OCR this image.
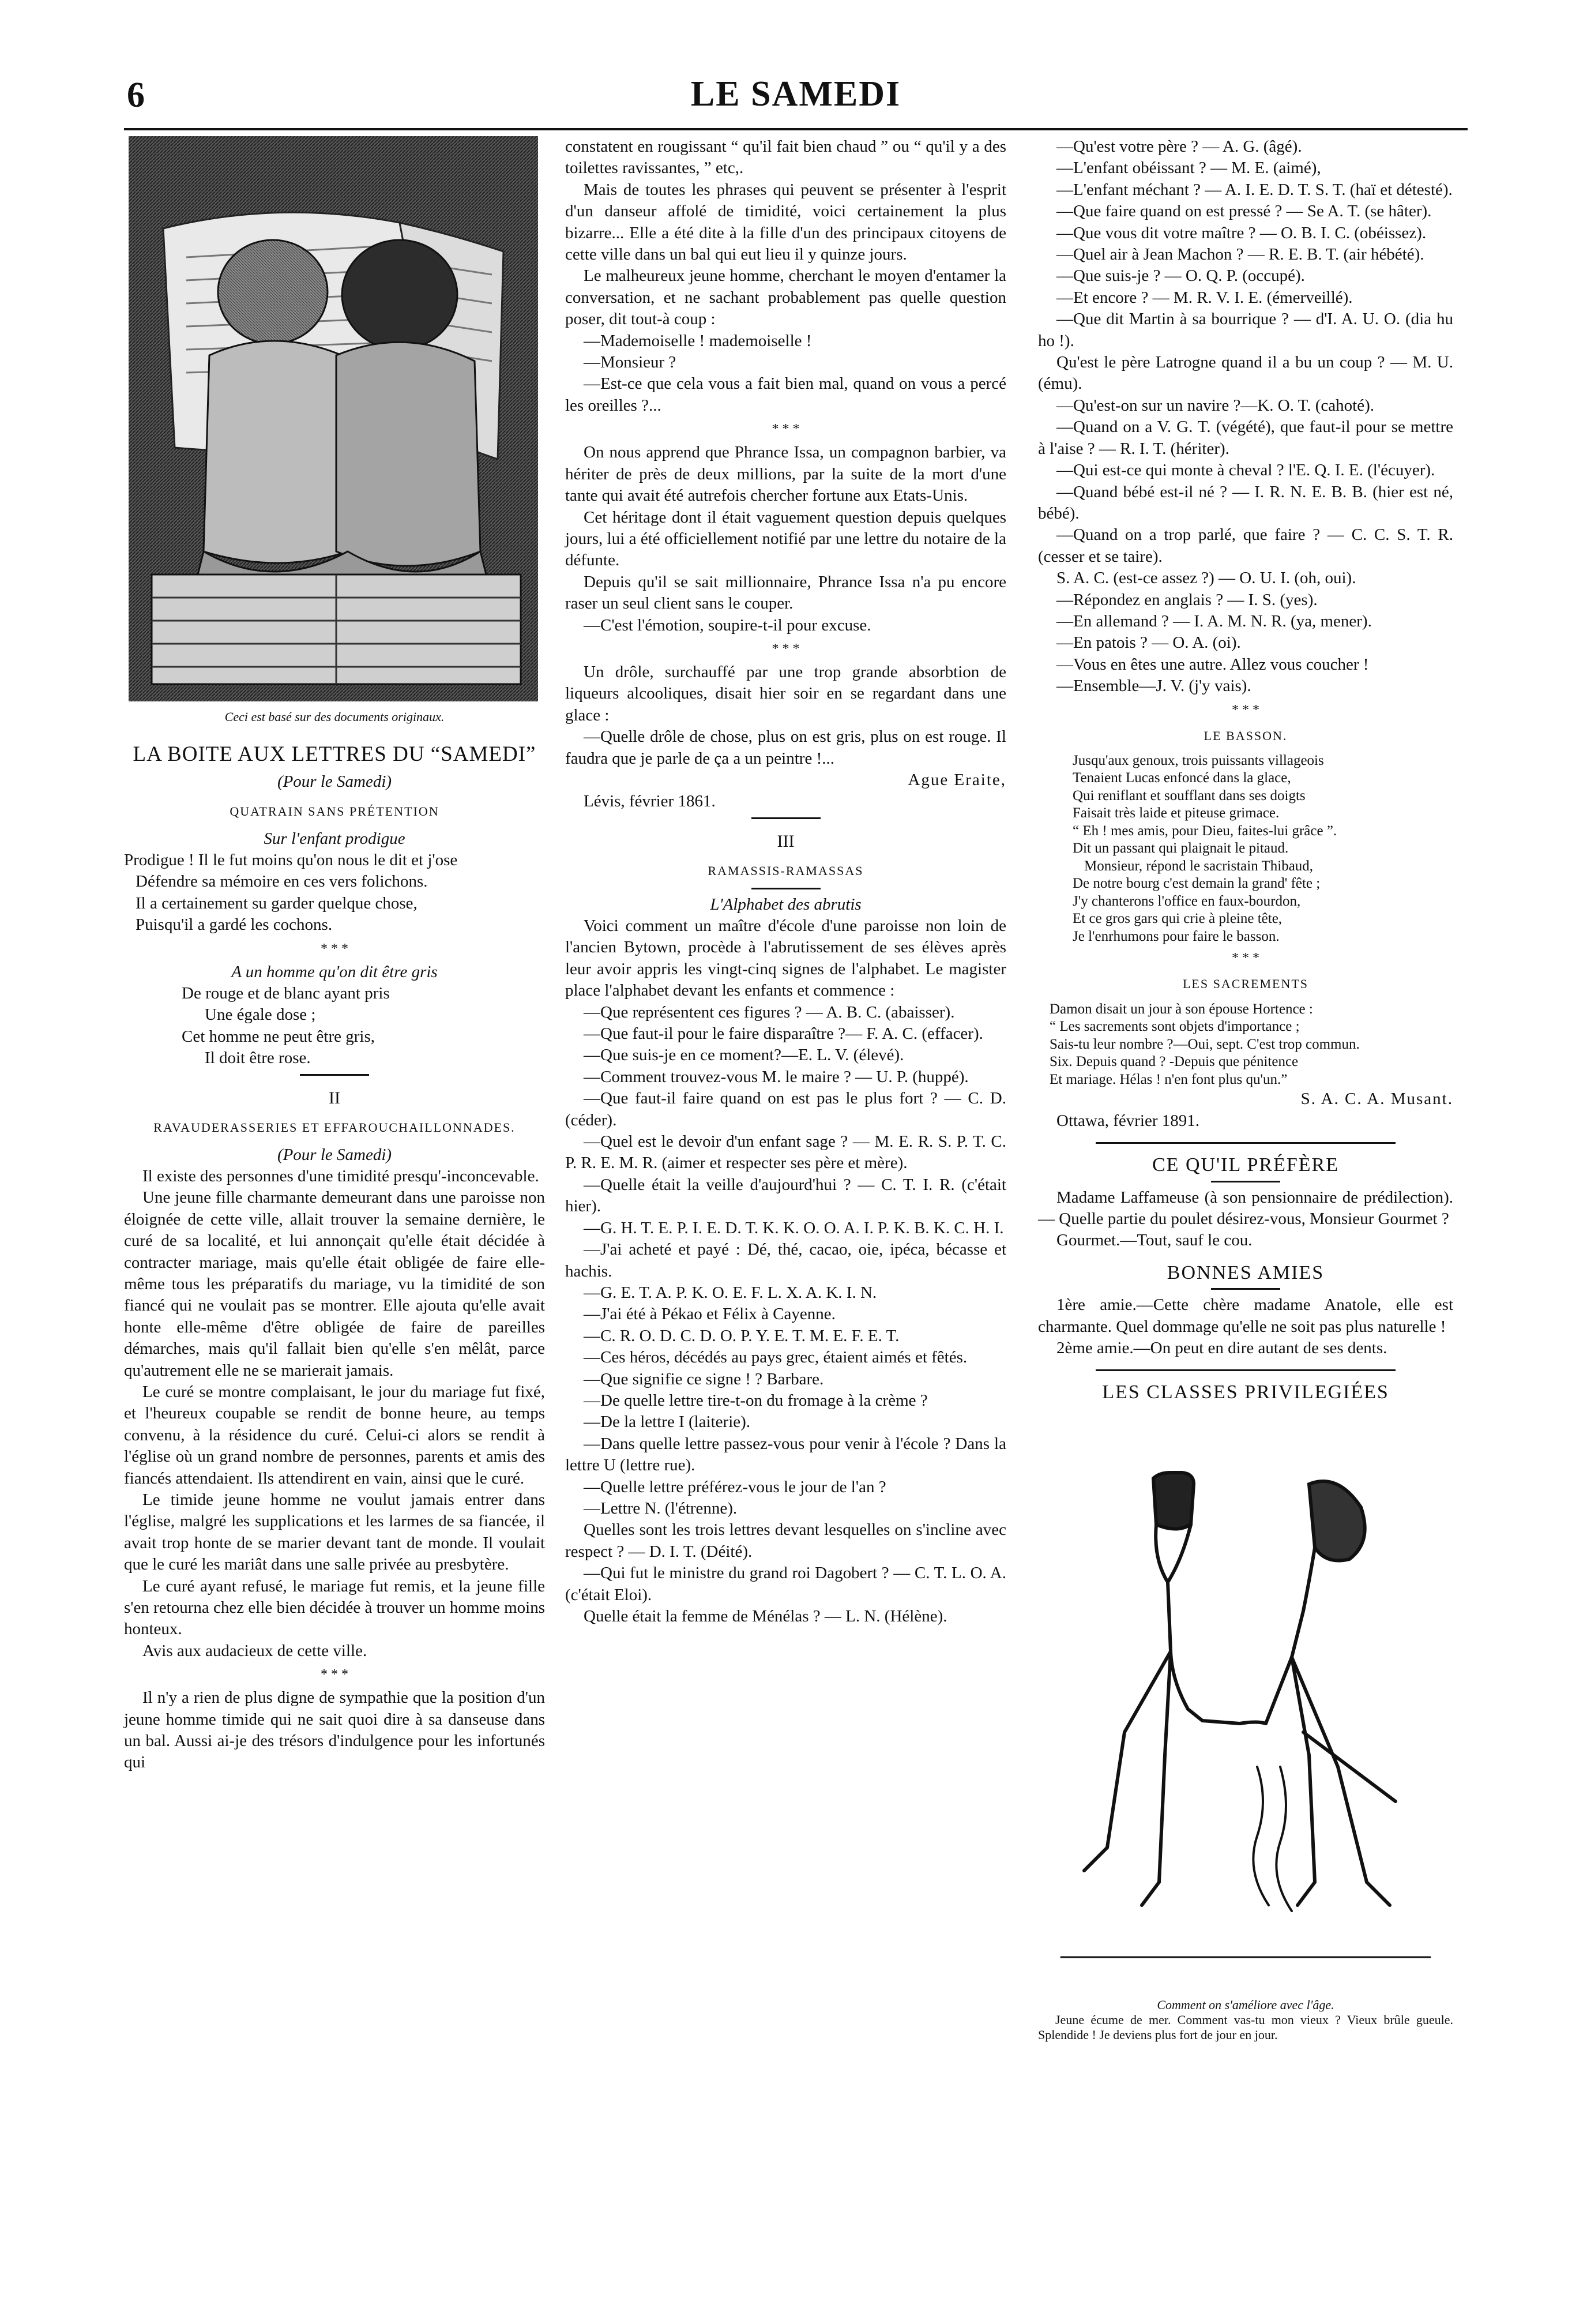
6	LE SAMEDI
Ceci est basé sur des documents originaux.
LA BOITE AUX LETTRES DU “SAMEDI”

(Pour le Samedi)

QUATRAIN SANS PRÉTENTION

Sur l'enfant prodigue

Prodigue ! Il le fut moins qu'on nous le dit et j'ose

Défendre sa mémoire en ces vers folichons.

Il a certainement su garder quelque chose,

Puisqu'il a gardé les cochons.

* * *

A un homme qu'on dit être gris

De rouge et de blanc ayant pris

Une égale dose ;

Cet homme ne peut être gris,

Il doit être rose.

II
RAVAUDERASSERIES ET EFFAROUCHAILLONNADES.

(Pour le Samedi)

Il existe des personnes d'une timidité presqu'-inconcevable.

Une jeune fille charmante demeurant dans une paroisse non éloignée de cette ville, allait trouver la semaine dernière, le curé de sa localité, et lui annonçait qu'elle était décidée à contracter mariage, mais qu'elle était obligée de faire elle-même tous les préparatifs du mariage, vu la timidité de son fiancé qui ne voulait pas se montrer. Elle ajouta qu'elle avait honte elle-même d'être obligée de faire de pareilles démarches, mais qu'il fallait bien qu'elle s'en mêlât, parce qu'autrement elle ne se marierait jamais.

Le curé se montre complaisant, le jour du mariage fut fixé, et l'heureux coupable se rendit de bonne heure, au temps convenu, à la résidence du curé. Celui-ci alors se rendit à l'église où un grand nombre de personnes, parents et amis des fiancés attendaient. Ils attendirent en vain, ainsi que le curé.

Le timide jeune homme ne voulut jamais entrer dans l'église, malgré les supplications et les larmes de sa fiancée, il avait trop honte de se marier devant tant de monde. Il voulait que le curé les mariât dans une salle privée au presbytère.

Le curé ayant refusé, le mariage fut remis, et la jeune fille s'en retourna chez elle bien décidée à trouver un homme moins honteux.

Avis aux audacieux de cette ville.

* * *

Il n'y a rien de plus digne de sympathie que la position d'un jeune homme timide qui ne sait quoi dire à sa danseuse dans un bal. Aussi ai-je des trésors d'indulgence pour les infortunés qui

constatent en rougissant “ qu'il fait bien chaud ” ou “ qu'il y a des toilettes ravissantes, ” etc,.

Mais de toutes les phrases qui peuvent se présenter à l'esprit d'un danseur affolé de timidité, voici certainement la plus bizarre... Elle a été dite à la fille d'un des principaux citoyens de cette ville dans un bal qui eut lieu il y quinze jours.

Le malheureux jeune homme, cherchant le moyen d'entamer la conversation, et ne sachant probablement pas quelle question poser, dit tout-à coup :

—Mademoiselle ! mademoiselle !

—Monsieur ?

—Est-ce que cela vous a fait bien mal, quand on vous a percé les oreilles ?...

* * *

On nous apprend que Phrance Issa, un compagnon barbier, va hériter de près de deux millions, par la suite de la mort d'une tante qui avait été autrefois chercher fortune aux Etats-Unis.

Cet héritage dont il était vaguement question depuis quelques jours, lui a été officiellement notifié par une lettre du notaire de la défunte.

Depuis qu'il se sait millionnaire, Phrance Issa n'a pu encore raser un seul client sans le couper.

—C'est l'émotion, soupire-t-il pour excuse.

* * *

Un drôle, surchauffé par une trop grande absorbtion de liqueurs alcooliques, disait hier soir en se regardant dans une glace :

—Quelle drôle de chose, plus on est gris, plus on est rouge. Il faudra que je parle de ça a un peintre !...

Ague Eraite,

Lévis, février 1861.

III
RAMASSIS-RAMASSAS

L'Alphabet des abrutis

Voici comment un maître d'école d'une paroisse non loin de l'ancien Bytown, procède à l'abrutissement de ses élèves après leur avoir appris les vingt-cinq signes de l'alphabet. Le magister place l'alphabet devant les enfants et commence :

—Que représentent ces figures ? — A. B. C. (abaisser).

—Que faut-il pour le faire disparaître ?— F. A. C. (effacer).

—Que suis-je en ce moment?—E. L. V. (élevé).

—Comment trouvez-vous M. le maire ? — U. P. (huppé).

—Que faut-il faire quand on est pas le plus fort ? — C. D. (céder).

—Quel est le devoir d'un enfant sage ? — M. E. R. S. P. T. C. P. R. E. M. R. (aimer et respecter ses père et mère).

—Quelle était la veille d'aujourd'hui ? — C. T. I. R. (c'était hier).

—G. H. T. E. P. I. E. D. T. K. K. O. O. A. I. P. K. B. K. C. H. I.

—J'ai acheté et payé : Dé, thé, cacao, oie, ipéca, bécasse et hachis.

—G. E. T. A. P. K. O. E. F. L. X. A. K. I. N.

—J'ai été à Pékao et Félix à Cayenne.

—C. R. O. D. C. D. O. P. Y. E. T. M. E. F. E. T.

—Ces héros, décédés au pays grec, étaient aimés et fêtés.

—Que signifie ce signe ! ? Barbare.

—De quelle lettre tire-t-on du fromage à la crème ?

—De la lettre I (laiterie).

—Dans quelle lettre passez-vous pour venir à l'école ? Dans la lettre U (lettre rue).

—Quelle lettre préférez-vous le jour de l'an ?

—Lettre N. (l'étrenne).

Quelles sont les trois lettres devant lesquelles on s'incline avec respect ? — D. I. T. (Déité).

—Qui fut le ministre du grand roi Dagobert ? — C. T. L. O. A. (c'était Eloi).

Quelle était la femme de Ménélas ? — L. N. (Hélène).

—Qu'est votre père ? — A. G. (âgé).

—L'enfant obéissant ? — M. E. (aimé),

—L'enfant méchant ? — A. I. E. D. T. S. T. (haï et détesté).

—Que faire quand on est pressé ? — Se A. T. (se hâter).

—Que vous dit votre maître ? — O. B. I. C. (obéissez).

—Quel air à Jean Machon ? — R. E. B. T. (air hébété).

—Que suis-je ? — O. Q. P. (occupé).

—Et encore ? — M. R. V. I. E. (émerveillé).

—Que dit Martin à sa bourrique ? — d'I. A. U. O. (dia hu ho !).

Qu'est le père Latrogne quand il a bu un coup ? — M. U. (ému).

—Qu'est-on sur un navire ?—K. O. T. (cahoté).

—Quand on a V. G. T. (végété), que faut-il pour se mettre à l'aise ? — R. I. T. (hériter).

—Qui est-ce qui monte à cheval ? l'E. Q. I. E. (l'écuyer).

—Quand bébé est-il né ? — I. R. N. E. B. B. (hier est né, bébé).

—Quand on a trop parlé, que faire ? — C. C. S. T. R. (cesser et se taire).

S. A. C. (est-ce assez ?) — O. U. I. (oh, oui).

—Répondez en anglais ? — I. S. (yes).

—En allemand ? — I. A. M. N. R. (ya, mener).

—En patois ? — O. A. (oi).

—Vous en êtes une autre. Allez vous coucher !

—Ensemble—J. V. (j'y vais).

* * *
LE BASSON.

Jusqu'aux genoux, trois puissants villageois

Tenaient Lucas enfoncé dans la glace,

Qui reniflant et soufflant dans ses doigts

Faisait très laide et piteuse grimace.

“ Eh ! mes amis, pour Dieu, faites-lui grâce ”.

Dit un passant qui plaignait le pitaud.

Monsieur, répond le sacristain Thibaud,

De notre bourg c'est demain la grand' fête ;

J'y chanterons l'office en faux-bourdon,

Et ce gros gars qui crie à pleine tête,

Je l'enrhumons pour faire le basson.

* * *
LES SACREMENTS

Damon disait un jour à son épouse Hortence :

“ Les sacrements sont objets d'importance ;

Sais-tu leur nombre ?—Oui, sept. C'est trop commun.

Six. Depuis quand ? -Depuis que pénitence

Et mariage. Hélas ! n'en font plus qu'un.”

S. A. C. A. Musant.

Ottawa, février 1891.

CE QU'IL PRÉFÈRE

Madame Laffameuse (à son pensionnaire de prédilection).— Quelle partie du poulet désirez-vous, Monsieur Gourmet ?

Gourmet.—Tout, sauf le cou.

BONNES AMIES

1ère amie.—Cette chère madame Anatole, elle est charmante. Quel dommage qu'elle ne soit pas plus naturelle !

2ème amie.—On peut en dire autant de ses dents.

LES CLASSES PRIVILEGIÉES
Comment on s'améliore avec l'âge.

Jeune écume de mer. Comment vas-tu mon vieux ? Vieux brûle gueule. Splendide ! Je deviens plus fort de jour en jour.
